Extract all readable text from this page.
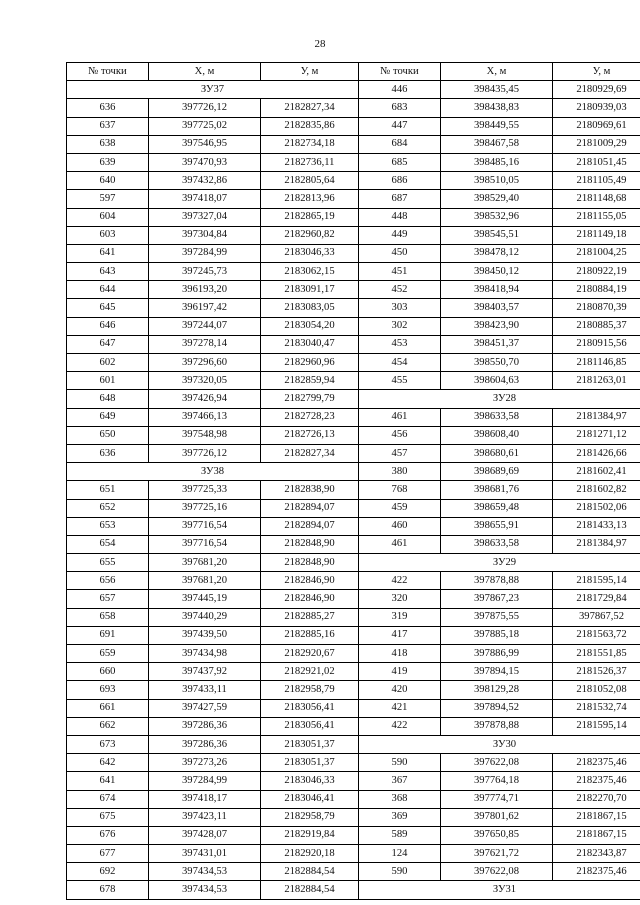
28
№ точки	X, м	У, м	№ точки	X, м	У, м
ЗУ37			446	398435,45	2180929,69
636	397726,12	2182827,34	683	398438,83	2180939,03
637	397725,02	2182835,86	447	398449,55	2180969,61
638	397546,95	2182734,18	684	398467,58	2181009,29
639	397470,93	2182736,11	685	398485,16	2181051,45
640	397432,86	2182805,64	686	398510,05	2181105,49
597	397418,07	2182813,96	687	398529,40	2181148,68
604	397327,04	2182865,19	448	398532,96	2181155,05
603	397304,84	2182960,82	449	398545,51	2181149,18
641	397284,99	2183046,33	450	398478,12	2181004,25
643	397245,73	2183062,15	451	398450,12	2180922,19
644	396193,20	2183091,17	452	398418,94	2180884,19
645	396197,42	2183083,05	303	398403,57	2180870,39
646	397244,07	2183054,20	302	398423,90	2180885,37
647	397278,14	2183040,47	453	398451,37	2180915,56
602	397296,60	2182960,96	454	398550,70	2181146,85
601	397320,05	2182859,94	455	398604,63	2181263,01
648	397426,94	2182799,79	ЗУ28		
649	397466,13	2182728,23	461	398633,58	2181384,97
650	397548,98	2182726,13	456	398608,40	2181271,12
636	397726,12	2182827,34	457	398680,61	2181426,66
ЗУ38			380	398689,69	2181602,41
651	397725,33	2182838,90	768	398681,76	2181602,82
652	397725,16	2182894,07	459	398659,48	2181502,06
653	397716,54	2182894,07	460	398655,91	2181433,13
654	397716,54	2182848,90	461	398633,58	2181384,97
655	397681,20	2182848,90	ЗУ29		
656	397681,20	2182846,90	422	397878,88	2181595,14
657	397445,19	2182846,90	320	397867,23	2181729,84
658	397440,29	2182885,27	319	397875,55	397867,52
691	397439,50	2182885,16	417	397885,18	2181563,72
659	397434,98	2182920,67	418	397886,99	2181551,85
660	397437,92	2182921,02	419	397894,15	2181526,37
693	397433,11	2182958,79	420	398129,28	2181052,08
661	397427,59	2183056,41	421	397894,52	2181532,74
662	397286,36	2183056,41	422	397878,88	2181595,14
673	397286,36	2183051,37	ЗУ30		
642	397273,26	2183051,37	590	397622,08	2182375,46
641	397284,99	2183046,33	367	397764,18	2182375,46
674	397418,17	2183046,41	368	397774,71	2182270,70
675	397423,11	2182958,79	369	397801,62	2181867,15
676	397428,07	2182919,84	589	397650,85	2181867,15
677	397431,01	2182920,18	124	397621,72	2182343,87
692	397434,53	2182884,54	590	397622,08	2182375,46
678	397434,53	2182884,54	ЗУ31		
